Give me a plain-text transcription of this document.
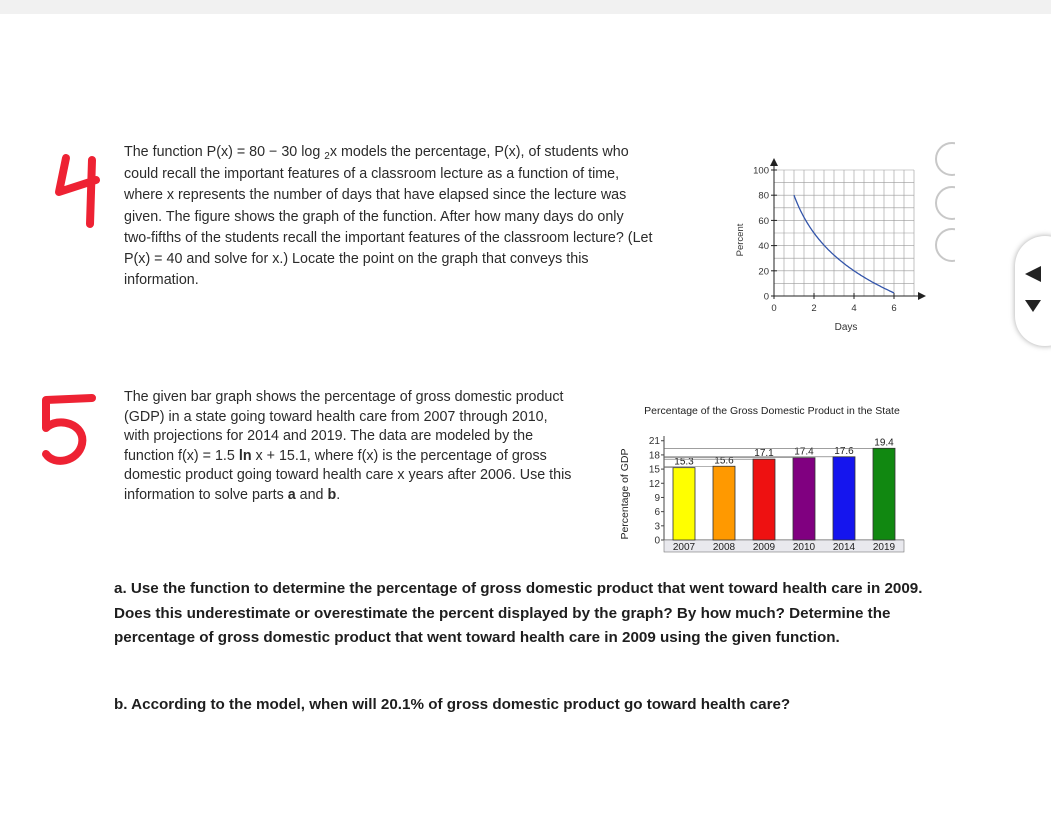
The function P(x) = 80 − 30 log $_2$x models the percentage, P(x), of students who
could recall the important features of a classroom lecture as a function of time,
where x represents the number of days that have elapsed since the lecture was
given. The figure shows the graph of the function. After how many days do only
two-fifths of the students recall the important features of the classroom lecture? (Let
P(x) = 40 and solve for x.) Locate the point on the graph that conveys this
information.
Percent
Days
0
20
40
60
80
100
0	2	4	6
The given bar graph shows the percentage of gross domestic product
(GDP) in a state going toward health care from 2007 through 2010,
with projections for 2014 and 2019. The data are modeled by the
function f(x) = 1.5 ln x + 15.1, where f(x) is the percentage of gross
domestic product going toward health care x years after 2006. Use this
information to solve parts a and b.
Percentage of the Gross Domestic Product in the State
Percentage of GDP
0
3
6
9
12
15
18
21
15.3
2007
15.6
2008
17.1
2009
17.4
2010
17.6
2014
19.4
2019
a. Use the function to determine the percentage of gross domestic product that went toward health care in 2009. Does this underestimate or overestimate the percent displayed by the graph? By how much? Determine the percentage of gross domestic product that went toward health care in 2009 using the given function.
b. According to the model, when will 20.1% of gross domestic product go toward health care?
